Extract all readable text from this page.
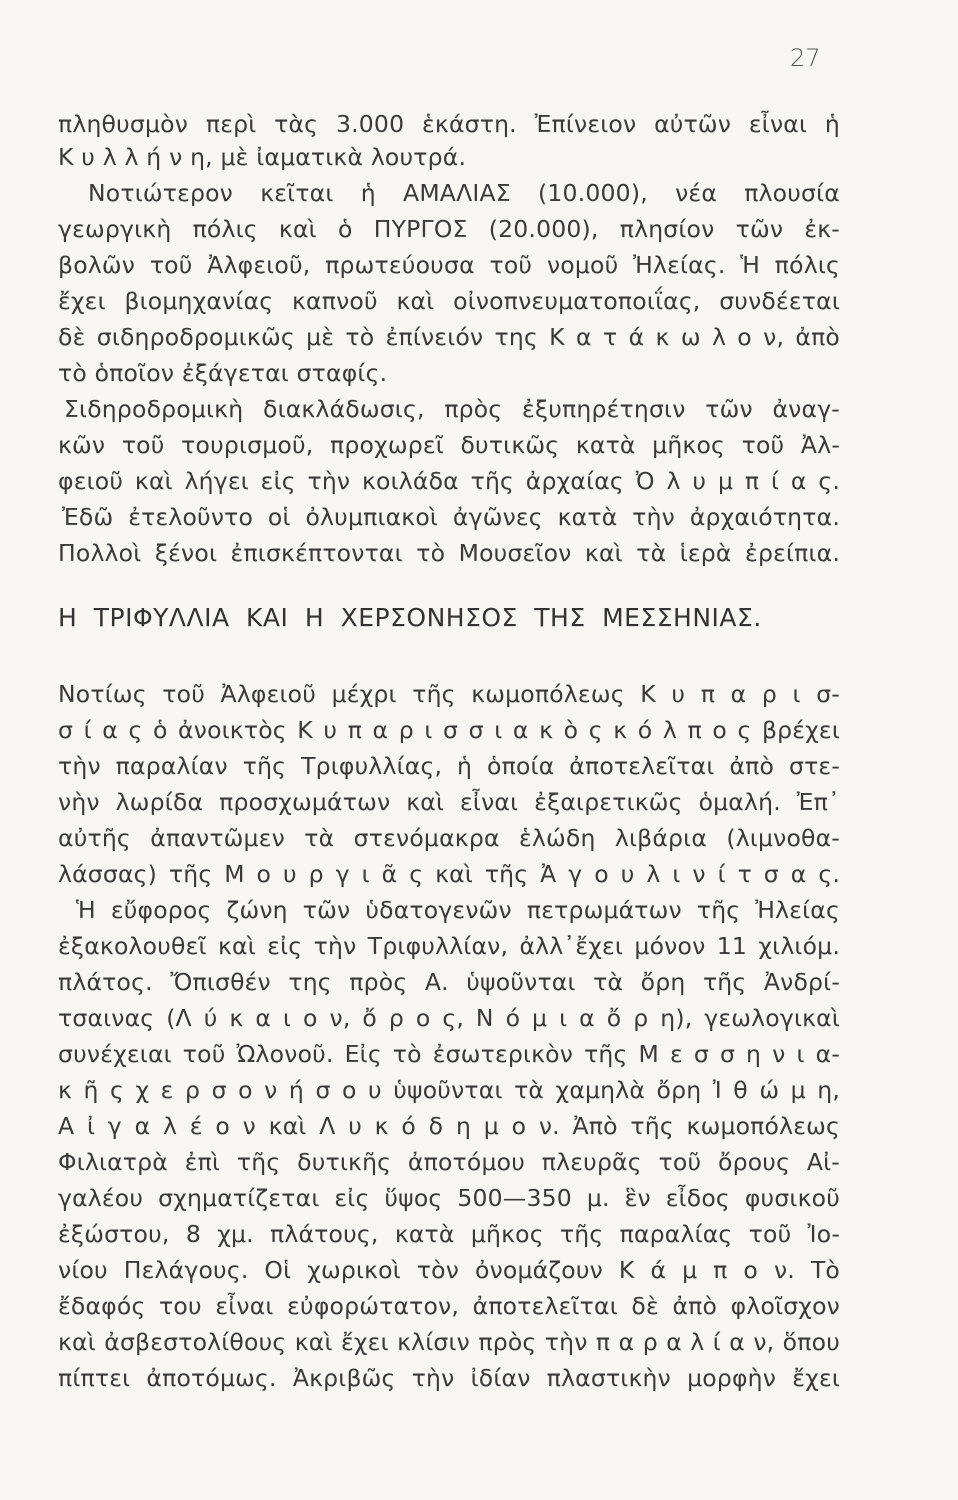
27
πληθυσμὸν περὶ τὰς 3.000 ἑκάστη. Ἐπίνειον αὐτῶν εἶναι ἡ
Κ υ λ λ ή ν η, μὲ ἰαματικὰ λουτρά.
Νοτιώτερον κεῖται ἡ ΑΜΑΛΙΑΣ (10.000), νέα πλουσία
γεωργικὴ πόλις καὶ ὁ ΠΥΡΓΟΣ (20.000), πλησίον τῶν ἐκ-
βολῶν τοῦ Ἀλφειοῦ, πρωτεύουσα τοῦ νομοῦ Ἠλείας. Ἡ πόλις
ἔχει βιομηχανίας καπνοῦ καὶ οἰνοπνευματοποιΐας, συνδέεται
δὲ σιδηροδρομικῶς μὲ τὸ ἐπίνειόν της Κ α τ ά κ ω λ ο ν, ἀπὸ
τὸ ὁποῖον ἐξάγεται σταφίς.
Σιδηροδρομικὴ διακλάδωσις, πρὸς ἐξυπηρέτησιν τῶν ἀναγ-
κῶν τοῦ τουρισμοῦ, προχωρεῖ δυτικῶς κατὰ μῆκος τοῦ Ἀλ-
φειοῦ καὶ λήγει εἰς τὴν κοιλάδα τῆς ἀρχαίας Ὀ λ υ μ π ί α ς.
Ἐδῶ ἐτελοῦντο οἱ ὀλυμπιακοὶ ἀγῶνες κατὰ τὴν ἀρχαιότητα.
Πολλοὶ ξένοι ἐπισκέπτονται τὸ Μουσεῖον καὶ τὰ ἱερὰ ἐρείπια.
Η ΤΡΙΦΥΛΛΙΑ ΚΑΙ Η ΧΕΡΣΟΝΗΣΟΣ ΤΗΣ ΜΕΣΣΗΝΙΑΣ.
Νοτίως τοῦ Ἀλφειοῦ μέχρι τῆς κωμοπόλεως Κ υ π α ρ ι σ-
σ ί α ς ὁ ἀνοικτὸς Κ υ π α ρ ι σ σ ι α κ ὸ ς κ ό λ π ο ς βρέχει
τὴν παραλίαν τῆς Τριφυλλίας, ἡ ὁποία ἀποτελεῖται ἀπὸ στε-
νὴν λωρίδα προσχωμάτων καὶ εἶναι ἐξαιρετικῶς ὁμαλή. Ἐπ᾽
αὐτῆς ἀπαντῶμεν τὰ στενόμακρα ἑλώδη λιβάρια (λιμνοθα-
λάσσας) τῆς Μ ο υ ρ γ ι ᾶ ς καὶ τῆς Ἀ γ ο υ λ ι ν ί τ σ α ς.
Ἡ εὔφορος ζώνη τῶν ὑδατογενῶν πετρωμάτων τῆς Ἠλείας
ἐξακολουθεῖ καὶ εἰς τὴν Τριφυλλίαν, ἀλλ᾽ἔχει μόνον 11 χιλιόμ.
πλάτος. Ὄπισθέν της πρὸς Α. ὑψοῦνται τὰ ὄρη τῆς Ἀνδρί-
τσαινας (Λ ύ κ α ι ο ν, ὄ ρ ο ς, Ν ό μ ι α ὄ ρ η), γεωλογικαὶ
συνέχειαι τοῦ Ὠλονοῦ. Εἰς τὸ ἐσωτερικὸν τῆς Μ ε σ σ η ν ι α-
κ ῆ ς χ ε ρ σ ο ν ή σ ο υ ὑψοῦνται τὰ χαμηλὰ ὄρη Ἰ θ ώ μ η,
Α ἰ γ α λ έ ο ν καὶ Λ υ κ ό δ η μ ο ν. Ἀπὸ τῆς κωμοπόλεως
Φιλιατρὰ ἐπὶ τῆς δυτικῆς ἀποτόμου πλευρᾶς τοῦ ὄρους Αἰ-
γαλέου σχηματίζεται εἰς ὕψος 500—350 μ. ἓν εἶδος φυσικοῦ
ἐξώστου, 8 χμ. πλάτους, κατὰ μῆκος τῆς παραλίας τοῦ Ἰο-
νίου Πελάγους. Οἱ χωρικοὶ τὸν ὀνομάζουν Κ ά μ π ο ν. Τὸ
ἔδαφός του εἶναι εὐφορώτατον, ἀποτελεῖται δὲ ἀπὸ φλοῖσχον
καὶ ἀσβεστολίθους καὶ ἔχει κλίσιν πρὸς τὴν π α ρ α λ ί α ν, ὅπου
πίπτει ἀποτόμως. Ἀκριβῶς τὴν ἰδίαν πλαστικὴν μορφὴν ἔχει
